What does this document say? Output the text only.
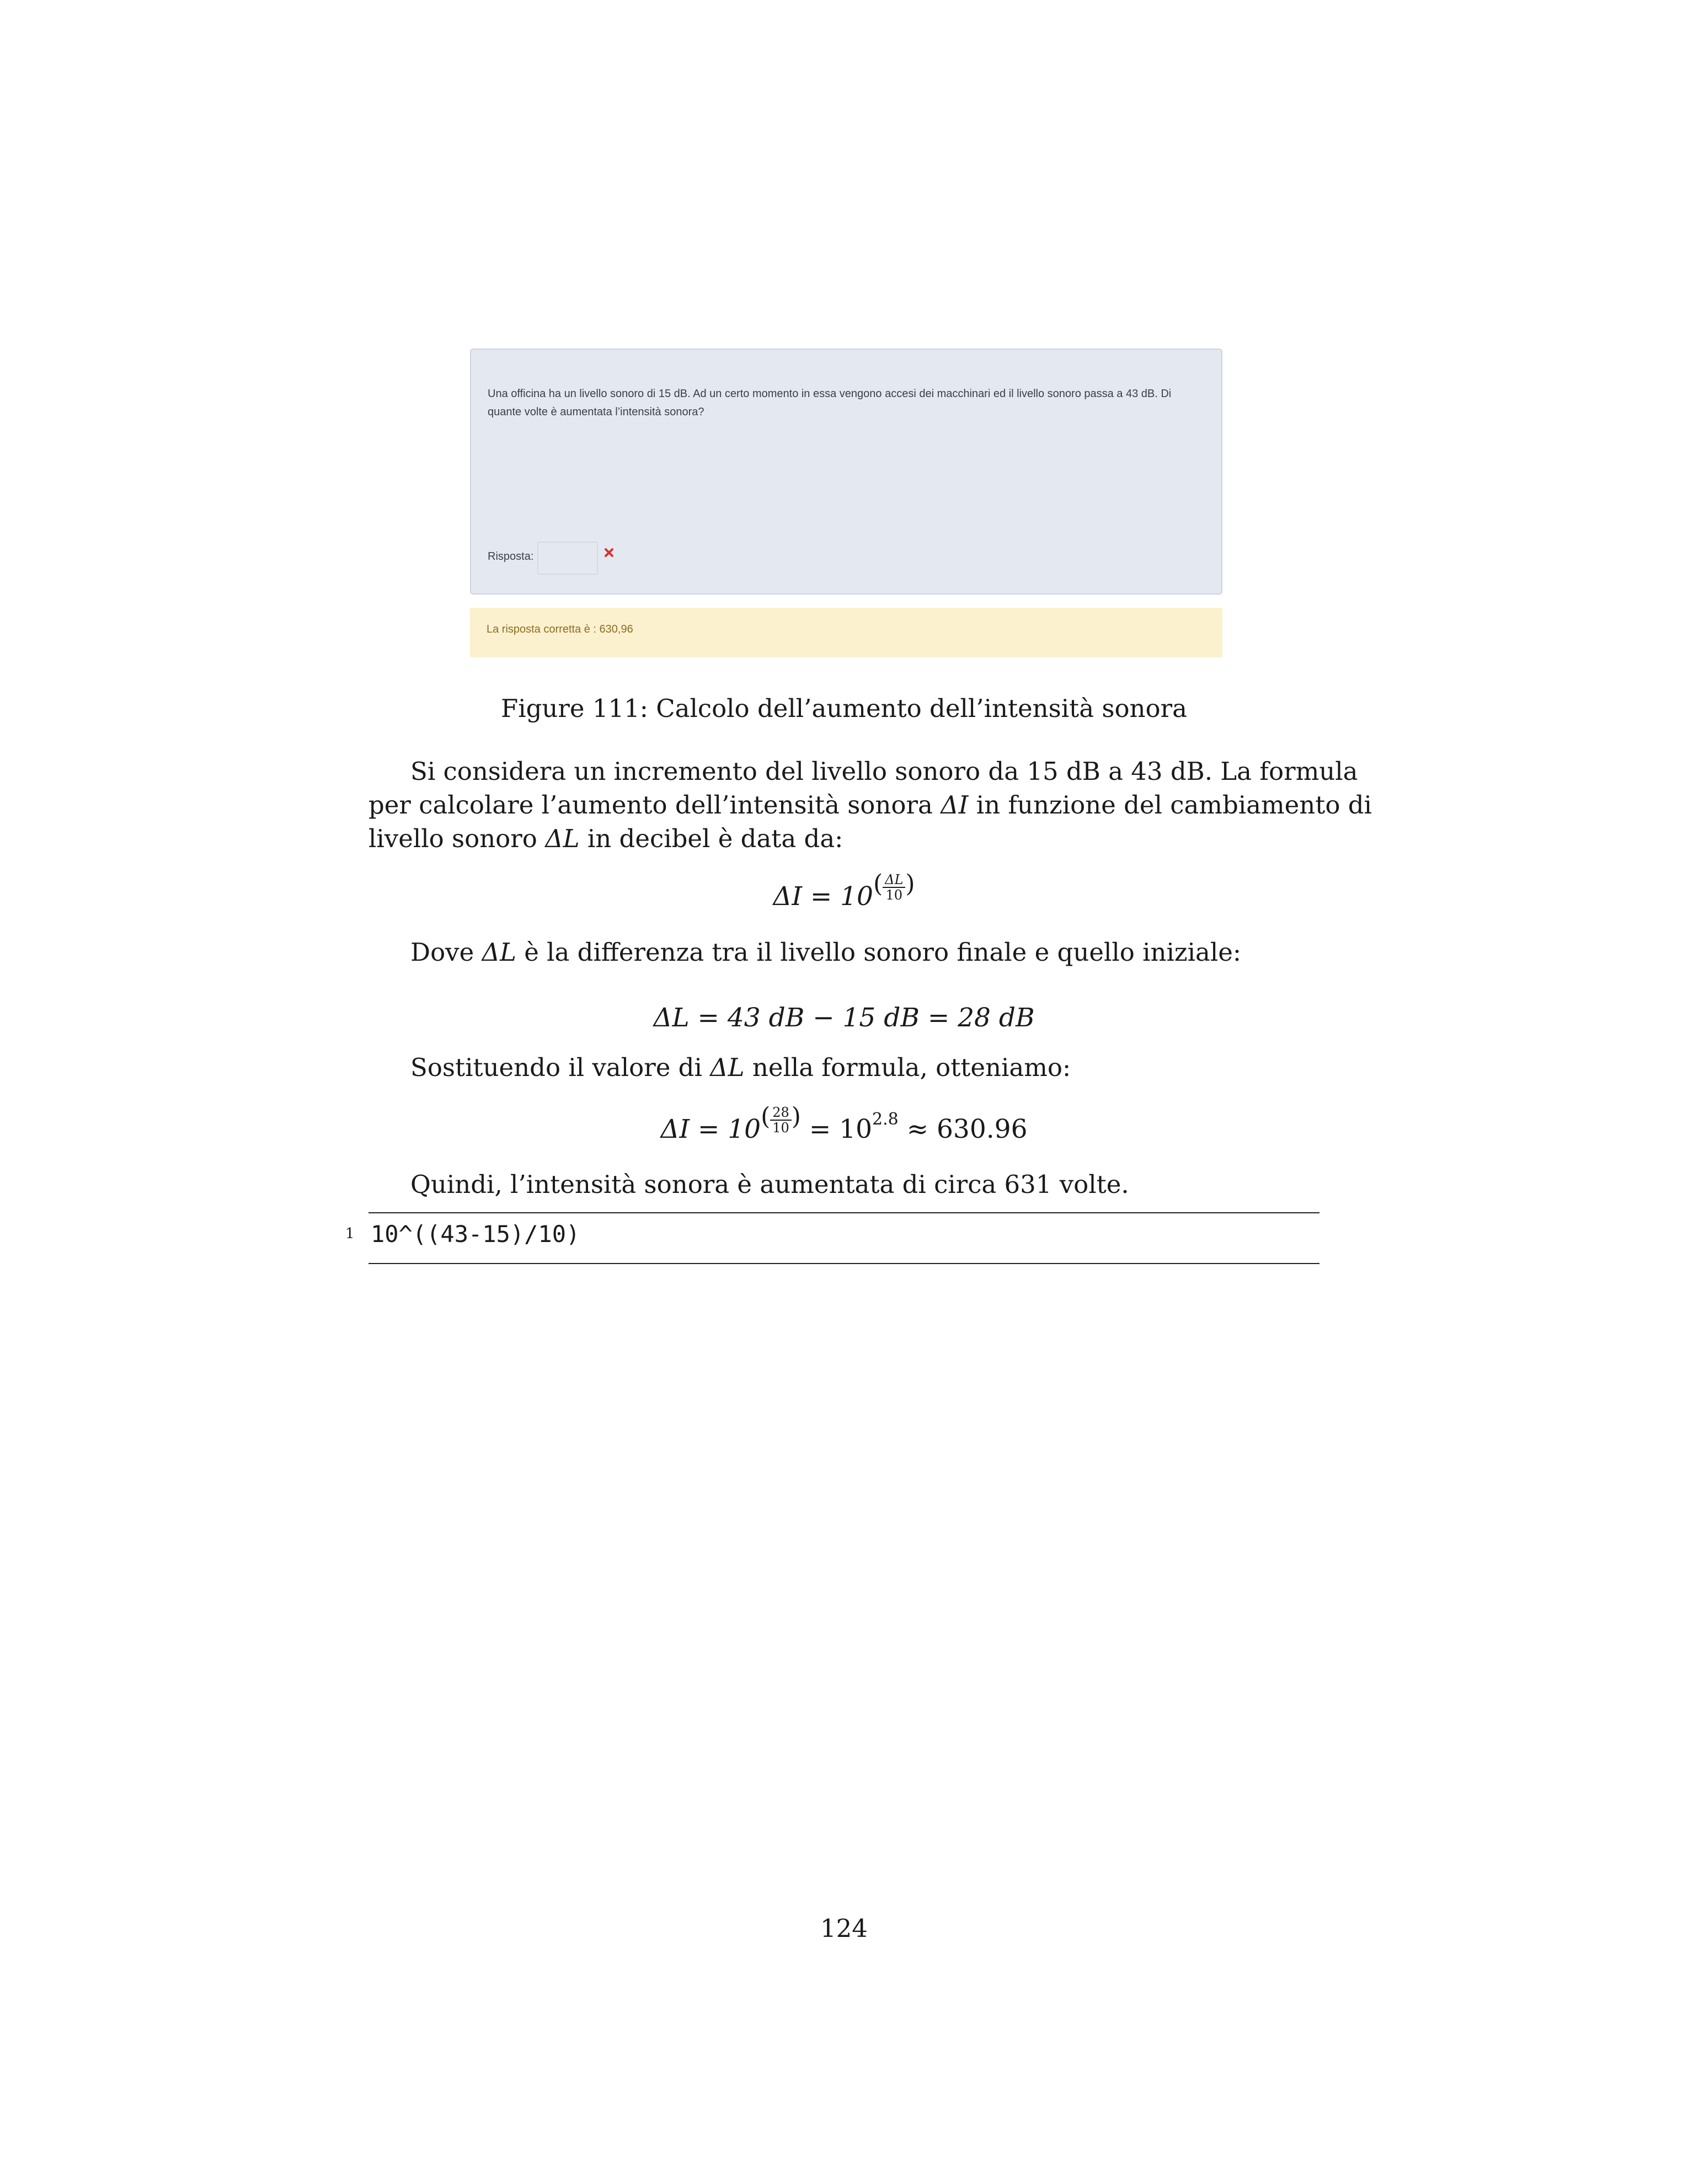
Una officina ha un livello sonoro di 15 dB. Ad un certo momento in essa vengono accesi dei macchinari ed il livello sonoro passa a 43 dB. Di quante volte è aumentata l’intensità sonora?

Risposta:
La risposta corretta è : 630,96
Figure 111: Calcolo dell’aumento dell’intensità sonora
Si considera un incremento del livello sonoro da 15 dB a 43 dB. La formula
per calcolare l’aumento dell’intensità sonora ΔI in funzione del cambiamento di
livello sonoro ΔL in decibel è data da:
$\Delta I = 10^{( \frac{\Delta L}{10} )}$
Dove ΔL è la differenza tra il livello sonoro finale e quello iniziale:
ΔL = 43 dB − 15 dB = 28 dB
Sostituendo il valore di ΔL nella formula, otteniamo:
$\Delta I = 10^{( \frac{28}{10} )} = 10^{2.8} \approx 630.96$
Quindi, l’intensità sonora è aumentata di circa 631 volte.
1 10^((43-15)/10)
124
